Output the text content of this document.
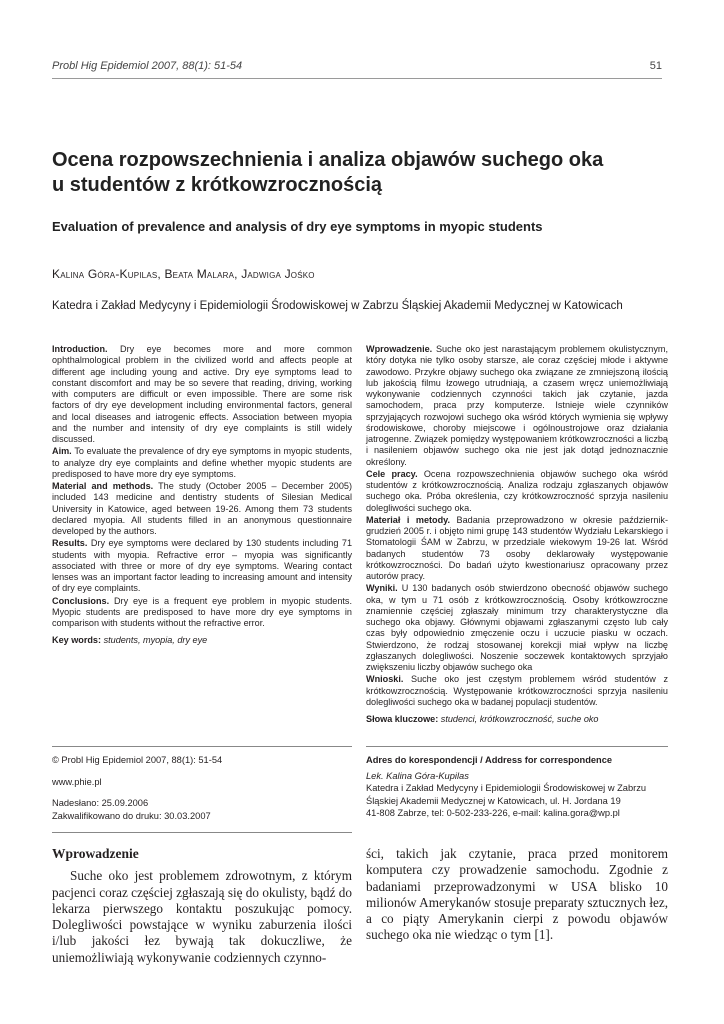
Probl Hig Epidemiol 2007, 88(1): 51-54	51
Ocena rozpowszechnienia i analiza objawów suchego oka
u studentów z krótkowzrocznością
Evaluation of prevalence and analysis of dry eye symptoms in myopic students
Kalina Góra-Kupilas, Beata Malara, Jadwiga Jośko
Katedra i Zakład Medycyny i Epidemiologii Środowiskowej w Zabrzu Śląskiej Akademii Medycznej w Katowicach

Introduction. Dry eye becomes more and more common ophthalmological problem in the civilized world and affects people at different age including young and active. Dry eye symptoms lead to constant discomfort and may be so severe that reading, driving, working with computers are difficult or even impossible. There are some risk factors of dry eye development including environmental factors, general and local diseases and iatrogenic effects. Association between myopia and the number and intensity of dry eye complaints is still widely discussed.

Aim. To evaluate the prevalence of dry eye symptoms in myopic students, to analyze dry eye complaints and define whether myopic students are predisposed to have more dry eye symptoms.

Material and methods. The study (October 2005 – December 2005) included 143 medicine and dentistry students of Silesian Medical University in Katowice, aged between 19-26. Among them 73 students declared myopia. All students filled in an anonymous questionnaire developed by the authors.

Results. Dry eye symptoms were declared by 130 students including 71 students with myopia. Refractive error – myopia was significantly associated with three or more of dry eye symptoms. Wearing contact lenses was an important factor leading to increasing amount and intensity of dry eye complaints.

Conclusions. Dry eye is a frequent eye problem in myopic students. Myopic students are predisposed to have more dry eye symptoms in comparison with students without the refractive error.

Key words: students, myopia, dry eye

Wprowadzenie. Suche oko jest narastającym problemem okulistycznym, który dotyka nie tylko osoby starsze, ale coraz częściej młode i aktywne zawodowo. Przykre objawy suchego oka związane ze zmniejszoną ilością lub jakością filmu łzowego utrudniają, a czasem wręcz uniemożliwiają wykonywanie codziennych czynności takich jak czytanie, jazda samochodem, praca przy komputerze. Istnieje wiele czynników sprzyjających rozwojowi suchego oka wśród których wymienia się wpływy środowiskowe, choroby miejscowe i ogólnoustrojowe oraz działania jatrogenne. Związek pomiędzy występowaniem krótkowzroczności a liczbą i nasileniem objawów suchego oka nie jest jak dotąd jednoznacznie określony.

Cele pracy. Ocena rozpowszechnienia objawów suchego oka wśród studentów z krótkowzrocznością. Analiza rodzaju zgłaszanych objawów suchego oka. Próba określenia, czy krótkowzroczność sprzyja nasileniu dolegliwości suchego oka.

Materiał i metody. Badania przeprowadzono w okresie październik-grudzień 2005 r. i objęto nimi grupę 143 studentów Wydziału Lekarskiego i Stomatologii ŚAM w Zabrzu, w przedziale wiekowym 19-26 lat. Wśród badanych studentów 73 osoby deklarowały występowanie krótkowzroczności. Do badań użyto kwestionariusz opracowany przez autorów pracy.

Wyniki. U 130 badanych osób stwierdzono obecność objawów suchego oka, w tym u 71 osób z krótkowzrocznością. Osoby krótkowzroczne znamiennie częściej zgłaszały minimum trzy charakterystyczne dla suchego oka objawy. Głównymi objawami zgłaszanymi często lub cały czas były odpowiednio zmęczenie oczu i uczucie piasku w oczach. Stwierdzono, że rodzaj stosowanej korekcji miał wpływ na liczbę zgłaszanych dolegliwości. Noszenie soczewek kontaktowych sprzyjało zwiększeniu liczby objawów suchego oka

Wnioski. Suche oko jest częstym problemem wśród studentów z krótkowzrocznością. Występowanie krótkowzroczności sprzyja nasileniu dolegliwości suchego oka w badanej populacji studentów.

Słowa kluczowe: studenci, krótkowzroczność, suche oko

© Probl Hig Epidemiol 2007, 88(1): 51-54

www.phie.pl

Nadesłano: 25.09.2006

Zakwalifikowano do druku: 30.03.2007

Adres do korespondencji / Address for correspondence

Lek. Kalina Góra-Kupilas

Katedra i Zakład Medycyny i Epidemiologii Środowiskowej w Zabrzu

Śląskiej Akademii Medycznej w Katowicach, ul. H. Jordana 19

41-808 Zabrze, tel: 0-502-233-226, e-mail: kalina.gora@wp.pl

Wprowadzenie

Suche oko jest problemem zdrowotnym, z którym pacjenci coraz częściej zgłaszają się do okulisty, bądź do lekarza pierwszego kontaktu poszukując pomocy. Dolegliwości powstające w wyniku zaburzenia ilości i/lub jakości łez bywają tak dokuczliwe, że uniemożliwiają wykonywanie codziennych czynno-

ści, takich jak czytanie, praca przed monitorem komputera czy prowadzenie samochodu. Zgodnie z badaniami przeprowadzonymi w USA blisko 10 milionów Amerykanów stosuje preparaty sztucznych łez, a co piąty Amerykanin cierpi z powodu objawów suchego oka nie wiedząc o tym [1].
